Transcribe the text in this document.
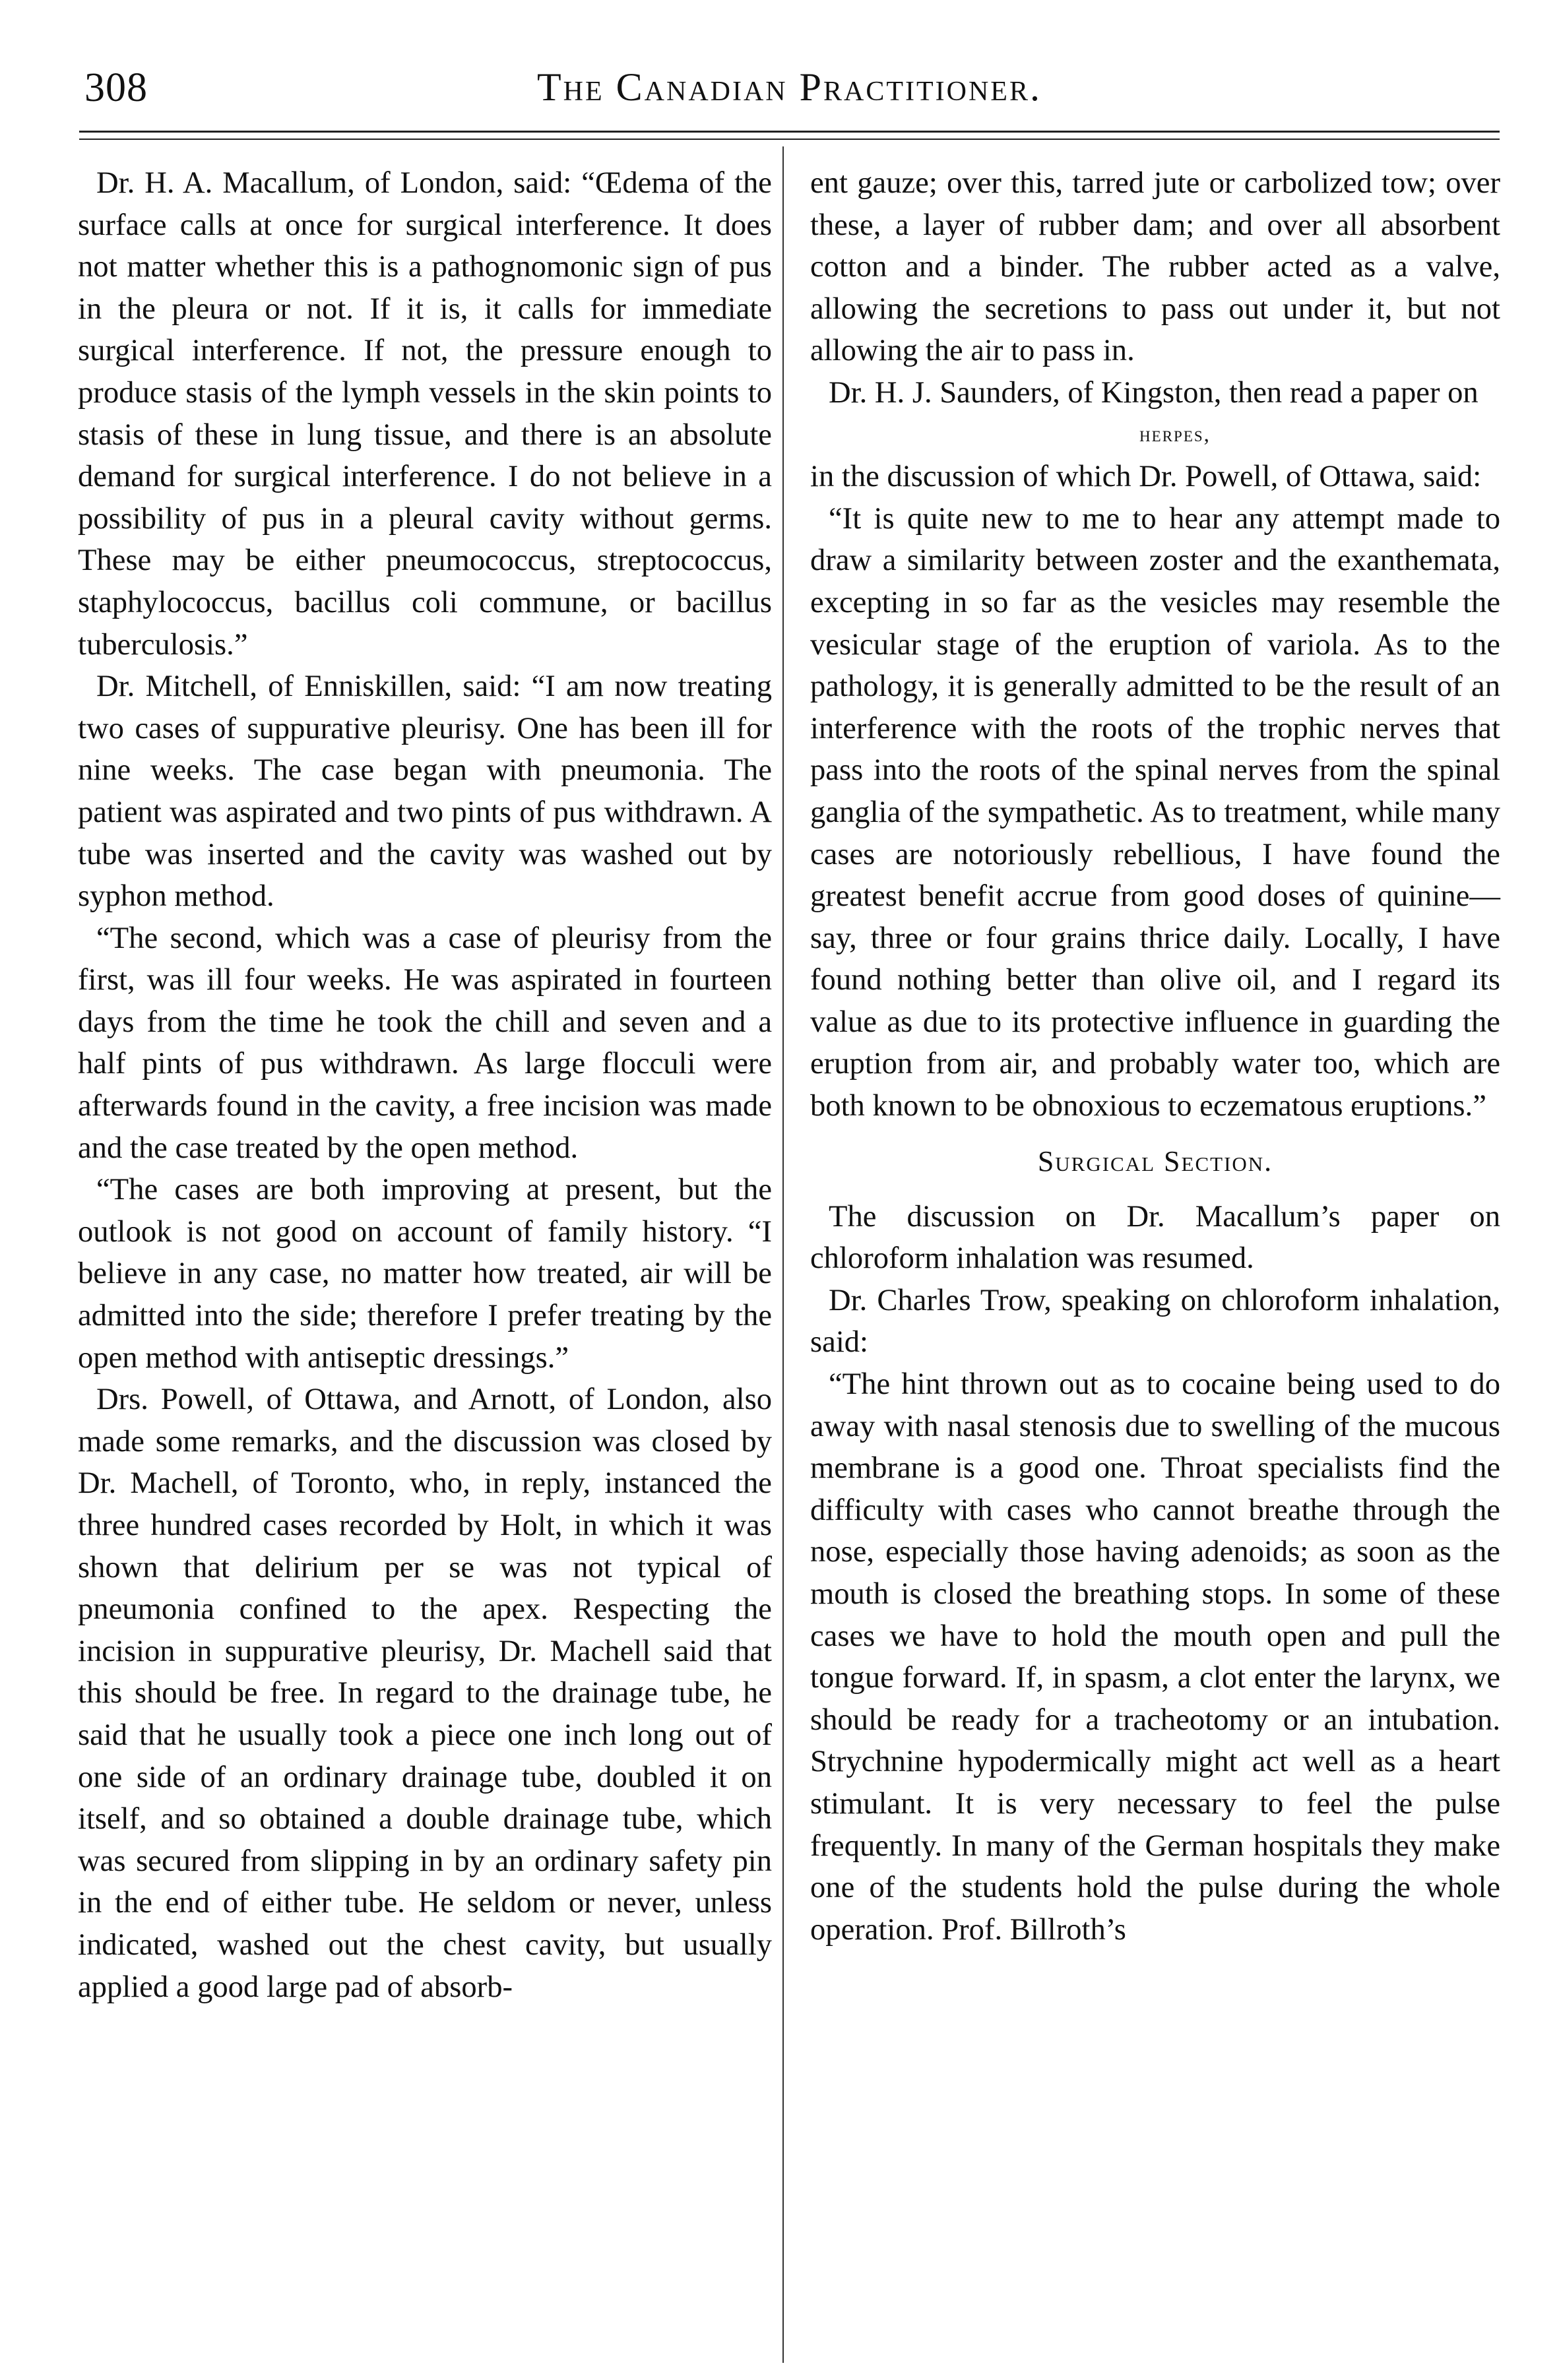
308	The Canadian Practitioner.

Dr. H. A. Macallum, of London, said: “Œdema of the surface calls at once for surgical interference. It does not matter whether this is a pathognomonic sign of pus in the pleura or not. If it is, it calls for immediate surgical interference. If not, the pressure enough to produce stasis of the lymph vessels in the skin points to stasis of these in lung tissue, and there is an absolute demand for surgical interference. I do not believe in a possibility of pus in a pleural cavity without germs. These may be either pneumococcus, streptococcus, staphylococcus, bacillus coli commune, or bacillus tuberculosis.”

Dr. Mitchell, of Enniskillen, said: “I am now treating two cases of suppurative pleurisy. One has been ill for nine weeks. The case began with pneumonia. The patient was aspirated and two pints of pus withdrawn. A tube was inserted and the cavity was washed out by syphon method.

“The second, which was a case of pleurisy from the first, was ill four weeks. He was aspirated in fourteen days from the time he took the chill and seven and a half pints of pus withdrawn. As large flocculi were afterwards found in the cavity, a free incision was made and the case treated by the open method.

“The cases are both improving at present, but the outlook is not good on account of family history. “I believe in any case, no matter how treated, air will be admitted into the side; therefore I prefer treating by the open method with antiseptic dressings.”

Drs. Powell, of Ottawa, and Arnott, of London, also made some remarks, and the discussion was closed by Dr. Machell, of Toronto, who, in reply, instanced the three hundred cases recorded by Holt, in which it was shown that delirium per se was not typical of pneumonia confined to the apex. Respecting the incision in suppurative pleurisy, Dr. Machell said that this should be free. In regard to the drainage tube, he said that he usually took a piece one inch long out of one side of an ordinary drainage tube, doubled it on itself, and so obtained a double drainage tube, which was secured from slipping in by an ordinary safety pin in the end of either tube. He seldom or never, unless indicated, washed out the chest cavity, but usually applied a good large pad of absorb-

ent gauze; over this, tarred jute or carbolized tow; over these, a layer of rubber dam; and over all absorbent cotton and a binder. The rubber acted as a valve, allowing the secretions to pass out under it, but not allowing the air to pass in.

Dr. H. J. Saunders, of Kingston, then read a paper on

herpes,

in the discussion of which Dr. Powell, of Ottawa, said:

“It is quite new to me to hear any attempt made to draw a similarity between zoster and the exanthemata, excepting in so far as the vesicles may resemble the vesicular stage of the eruption of variola. As to the pathology, it is generally admitted to be the result of an interference with the roots of the trophic nerves that pass into the roots of the spinal nerves from the spinal ganglia of the sympathetic. As to treatment, while many cases are notoriously rebellious, I have found the greatest benefit accrue from good doses of quinine—say, three or four grains thrice daily. Locally, I have found nothing better than olive oil, and I regard its value as due to its protective influence in guarding the eruption from air, and probably water too, which are both known to be obnoxious to eczematous eruptions.”

Surgical Section.

The discussion on Dr. Macallum’s paper on chloroform inhalation was resumed.

Dr. Charles Trow, speaking on chloroform inhalation, said:

“The hint thrown out as to cocaine being used to do away with nasal stenosis due to swelling of the mucous membrane is a good one. Throat specialists find the difficulty with cases who cannot breathe through the nose, especially those having adenoids; as soon as the mouth is closed the breathing stops. In some of these cases we have to hold the mouth open and pull the tongue forward. If, in spasm, a clot enter the larynx, we should be ready for a tracheotomy or an intubation. Strychnine hypodermically might act well as a heart stimulant. It is very necessary to feel the pulse frequently. In many of the German hospitals they make one of the students hold the pulse during the whole operation. Prof. Billroth’s
